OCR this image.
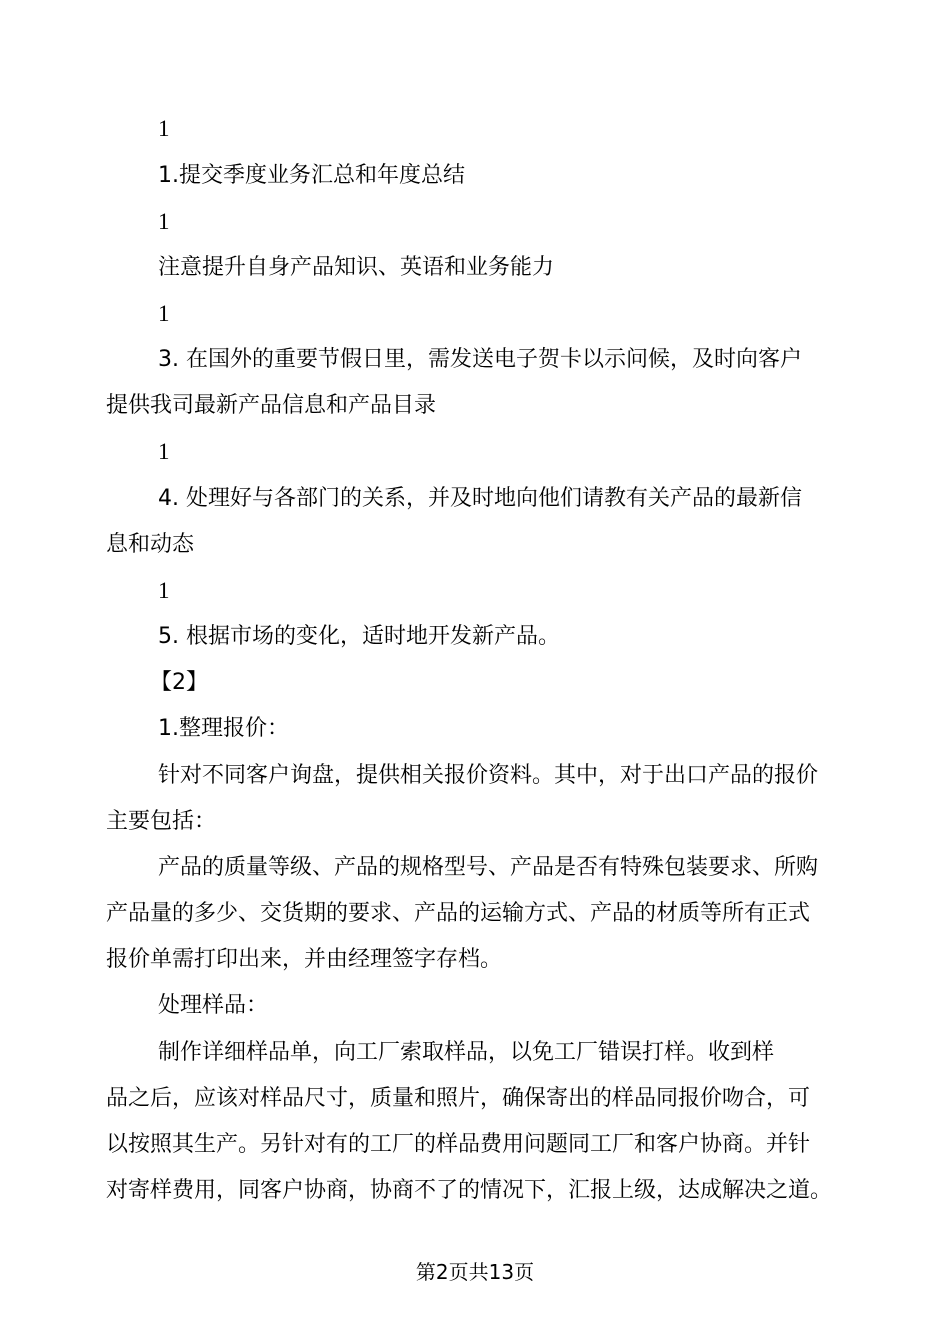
1
1.提交季度业务汇总和年度总结
1
注意提升自身产品知识、英语和业务能力
1
3. 在国外的重要节假日里，需发送电子贺卡以示问候，及时向客户
提供我司最新产品信息和产品目录
1
4. 处理好与各部门的关系，并及时地向他们请教有关产品的最新信
息和动态
1
5. 根据市场的变化，适时地开发新产品。
【2】
1.整理报价：
针对不同客户询盘，提供相关报价资料。其中，对于出口产品的报价
主要包括：
产品的质量等级、产品的规格型号、产品是否有特殊包装要求、所购
产品量的多少、交货期的要求、产品的运输方式、产品的材质等所有正式
报价单需打印出来，并由经理签字存档。
处理样品：
制作详细样品单，向工厂索取样品，以免工厂错误打样。收到样
品之后，应该对样品尺寸，质量和照片，确保寄出的样品同报价吻合，可
以按照其生产。另针对有的工厂的样品费用问题同工厂和客户协商。并针
对寄样费用，同客户协商，协商不了的情况下，汇报上级，达成解决之道。
第2页共13页
